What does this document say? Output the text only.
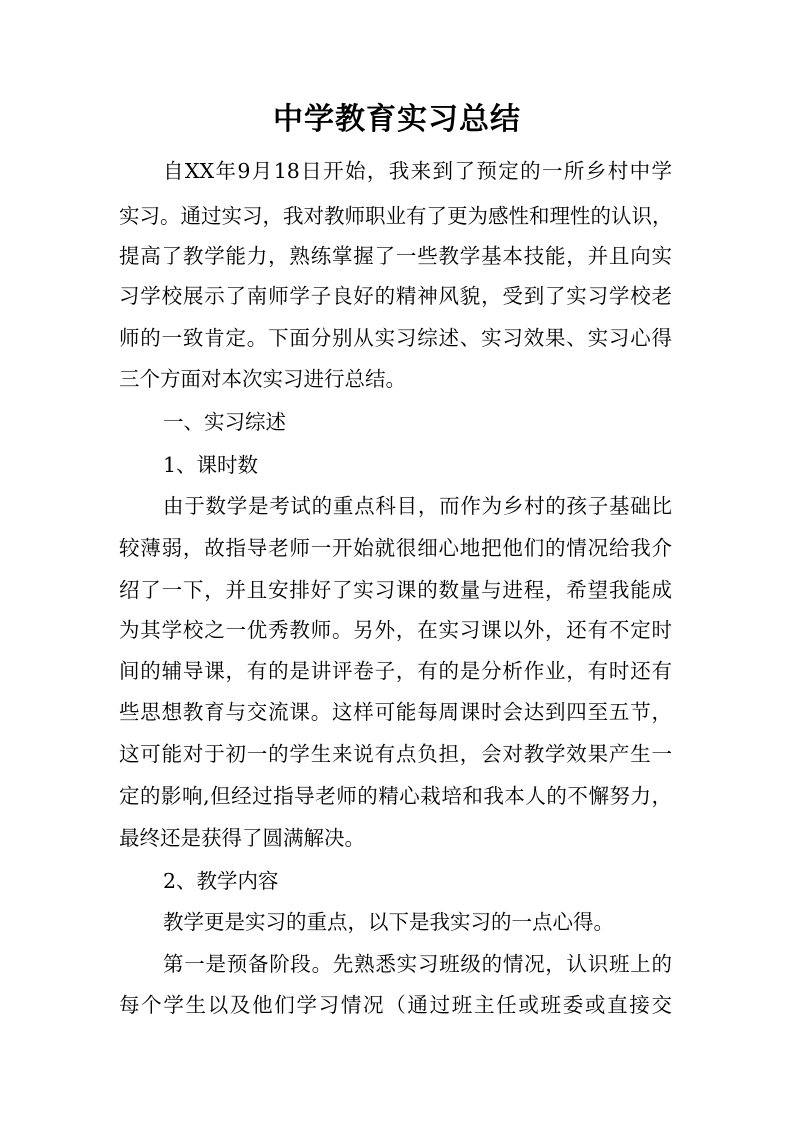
中学教育实习总结

自XX年9月18日开始，我来到了预定的一所乡村中学

实习。通过实习，我对教师职业有了更为感性和理性的认识，

提高了教学能力，熟练掌握了一些教学基本技能，并且向实

习学校展示了南师学子良好的精神风貌，受到了实习学校老

师的一致肯定。下面分别从实习综述、实习效果、实习心得

三个方面对本次实习进行总结。

一、实习综述

1、课时数

由于数学是考试的重点科目，而作为乡村的孩子基础比

较薄弱，故指导老师一开始就很细心地把他们的情况给我介

绍了一下，并且安排好了实习课的数量与进程，希望我能成

为其学校之一优秀教师。另外，在实习课以外，还有不定时

间的辅导课，有的是讲评卷子，有的是分析作业，有时还有

些思想教育与交流课。这样可能每周课时会达到四至五节，

这可能对于初一的学生来说有点负担，会对教学效果产生一

定的影响,但经过指导老师的精心栽培和我本人的不懈努力，

最终还是获得了圆满解决。

2、教学内容

教学更是实习的重点，以下是我实习的一点心得。

第一是预备阶段。先熟悉实习班级的情况，认识班上的

每个学生以及他们学习情况（通过班主任或班委或直接交
